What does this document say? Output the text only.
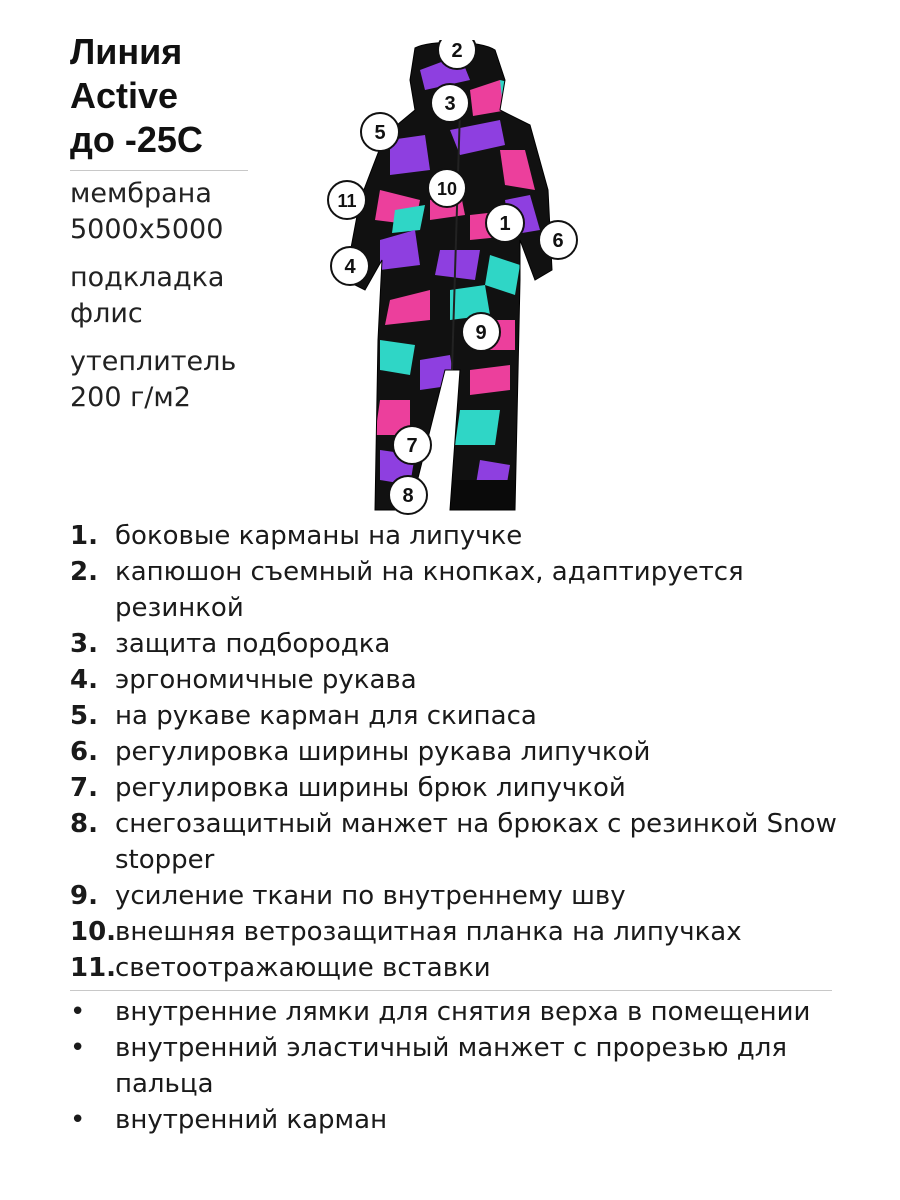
Линия
Active
до -25С
мембрана
5000x5000
подкладка
флис
утеплитель
200 г/м2
2
3
5
10
11
1
6
4
9
7
8
1. боковые карманы на липучке
2. капюшон съемный на кнопках, адаптируется резинкой
3. защита подбородка
4. эргономичные рукава
5. на рукаве карман для скипаса
6. регулировка ширины рукава липучкой
7. регулировка ширины брюк липучкой
8. снегозащитный манжет на брюках с резинкой Snow stopper
9. усиление ткани по внутреннему шву
10.
внешняя ветрозащитная планка на липучках
11.
светоотражающие вставки
•	внутренние лямки для снятия верха в помещении
•	внутренний эластичный манжет с прорезью для пальца
•	внутренний карман
